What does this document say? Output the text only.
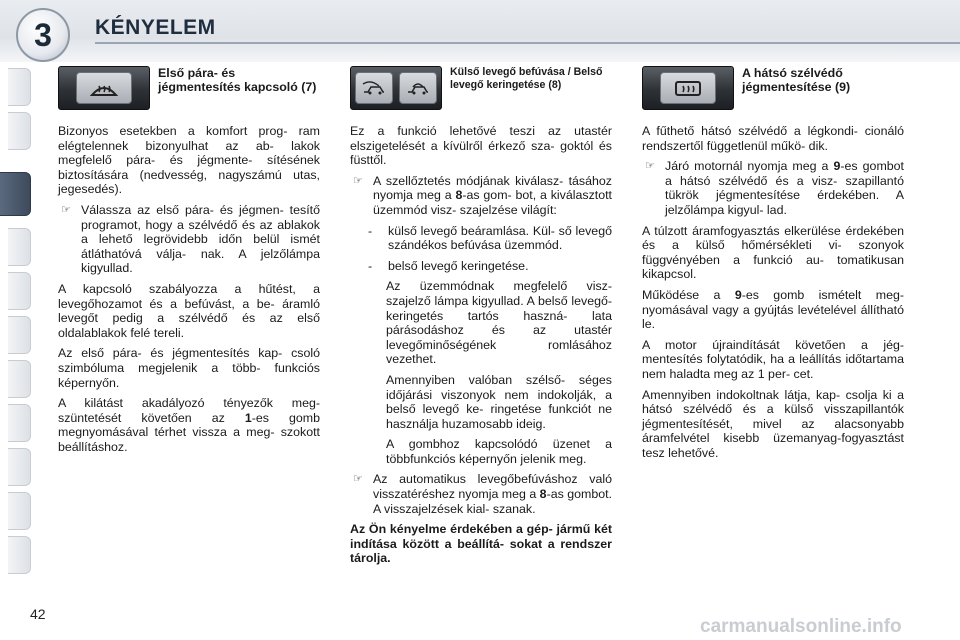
3	KÉNYELEM
Első pára- és jégmentesítés kapcsoló (7)

Bizonyos esetekben a komfort prog- ram elégtelennek bizonyulhat az ab- lakok megfelelő pára- és jégmente- sítésének biztosítására (nedvesség, nagyszámú utas, jegesedés).

☞ Válassza az első pára- és jégmen- tesítő programot, hogy a szélvédő és az ablakok a lehető legrövidebb időn belül ismét átláthatóvá válja- nak. A jelzőlámpa kigyullad.

A kapcsoló szabályozza a hűtést, a levegőhozamot és a befúvást, a be- áramló levegőt pedig a szélvédő és az első oldalablakok felé tereli.

Az első pára- és jégmentesítés kap- csoló szimbóluma megjelenik a több- funkciós képernyőn.

A kilátást akadályozó tényezők meg- szüntetését követően az 1-es gomb megnyomásával térhet vissza a meg- szokott beállításhoz.

Külső levegő befúvása / Belső levegő keringetése (8)

Ez a funkció lehetővé teszi az utastér elszigetelését a kívülről érkező sza- goktól és füsttől.

☞ A szellőztetés módjának kiválasz- tásához nyomja meg a 8-as gom- bot, a kiválasztott üzemmód visz- szajelzése világít:
-	külső levegő beáramlása. Kül- ső levegő szándékos befúvása üzemmód.
-	belső levegő keringetése.

Az üzemmódnak megfelelő visz- szajelző lámpa kigyullad. A belső levegő-keringetés tartós haszná- lata párásodáshoz és az utastér levegőminőségének romlásához vezethet.

Amennyiben valóban szélső- séges időjárási viszonyok nem indokolják, a belső levegő ke- ringetése funkciót ne használja huzamosabb ideig.

A gombhoz kapcsolódó üzenet a többfunkciós képernyőn jelenik meg.

☞ Az automatikus levegőbefúváshoz való visszatéréshez nyomja meg a 8-as gombot. A visszajelzések kial- szanak.

Az Ön kényelme érdekében a gép- jármű két indítása között a beállítá- sokat a rendszer tárolja.

A hátsó szélvédő jégmentesítése (9)

A fűthető hátsó szélvédő a légkondi- cionáló rendszertől függetlenül műkö- dik.

☞ Járó motornál nyomja meg a 9-es gombot a hátsó szélvédő és a visz- szapillantó tükrök jégmentesítése érdekében. A jelzőlámpa kigyul- lad.

A túlzott áramfogyasztás elkerülése érdekében és a külső hőmérsékleti vi- szonyok függvényében a funkció au- tomatikusan kikapcsol.

Működése a 9-es gomb ismételt meg- nyomásával vagy a gyújtás levételével állítható le.

A motor újraindítását követően a jég- mentesítés folytatódik, ha a leállítás időtartama nem haladta meg az 1 per- cet.

Amennyiben indokoltnak látja, kap- csolja ki a hátsó szélvédő és a külső visszapillantók jégmentesítését, mivel az alacsonyabb áramfelvétel kisebb üzemanyag-fogyasztást tesz lehetővé.

42
carmanualsonline.info
